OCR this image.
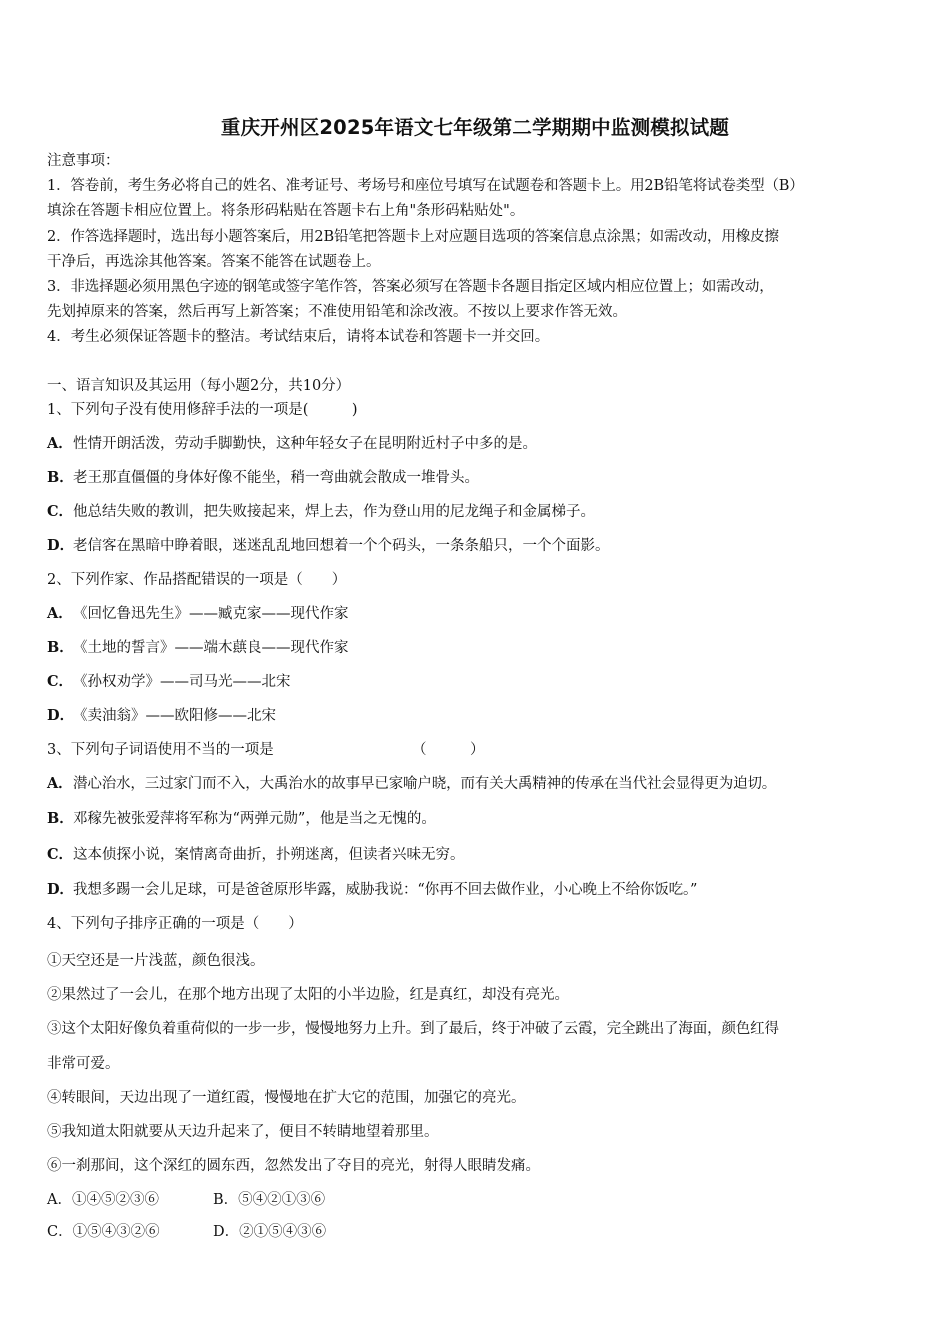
重庆开州区2025年语文七年级第二学期期中监测模拟试题
注意事项：
1．答卷前，考生务必将自己的姓名、准考证号、考场号和座位号填写在试题卷和答题卡上。用2B铅笔将试卷类型（B）
填涂在答题卡相应位置上。将条形码粘贴在答题卡右上角"条形码粘贴处"。
2．作答选择题时，选出每小题答案后，用2B铅笔把答题卡上对应题目选项的答案信息点涂黑；如需改动，用橡皮擦
干净后，再选涂其他答案。答案不能答在试题卷上。
3．非选择题必须用黑色字迹的钢笔或签字笔作答，答案必须写在答题卡各题目指定区域内相应位置上；如需改动，
先划掉原来的答案，然后再写上新答案；不准使用铅笔和涂改液。不按以上要求作答无效。
4．考生必须保证答题卡的整洁。考试结束后，请将本试卷和答题卡一并交回。
一、语言知识及其运用（每小题2分，共10分）
1、下列句子没有使用修辞手法的一项是(　　　)
A．性情开朗活泼，劳动手脚勤快，这种年轻女子在昆明附近村子中多的是。
B．老王那直僵僵的身体好像不能坐，稍一弯曲就会散成一堆骨头。
C．他总结失败的教训，把失败接起来，焊上去，作为登山用的尼龙绳子和金属梯子。
D．老信客在黑暗中睁着眼，迷迷乱乱地回想着一个个码头，一条条船只，一个个面影。
2、下列作家、作品搭配错误的一项是（　　）
A．《回忆鲁迅先生》——臧克家——现代作家
B．《土地的誓言》——端木蕻良——现代作家
C．《孙权劝学》——司马光——北宋
D．《卖油翁》——欧阳修——北宋
3、下列句子词语使用不当的一项是	（　　　）
A．潜心治水，三过家门而不入，大禹治水的故事早已家喻户晓，而有关大禹精神的传承在当代社会显得更为迫切。
B．邓稼先被张爱萍将军称为“两弹元勋”，他是当之无愧的。
C．这本侦探小说，案情离奇曲折，扑朔迷离，但读者兴味无穷。
D．我想多踢一会儿足球，可是爸爸原形毕露，威胁我说：“你再不回去做作业，小心晚上不给你饭吃。”
4、下列句子排序正确的一项是（　　）
①天空还是一片浅蓝，颜色很浅。
②果然过了一会儿，在那个地方出现了太阳的小半边脸，红是真红，却没有亮光。
③这个太阳好像负着重荷似的一步一步，慢慢地努力上升。到了最后，终于冲破了云霞，完全跳出了海面，颜色红得
非常可爱。
④转眼间，天边出现了一道红霞，慢慢地在扩大它的范围，加强它的亮光。
⑤我知道太阳就要从天边升起来了，便目不转睛地望着那里。
⑥一刹那间，这个深红的圆东西，忽然发出了夺目的亮光，射得人眼睛发痛。
A．①④⑤②③⑥	B．⑤④②①③⑥
C．①⑤④③②⑥	D．②①⑤④③⑥
